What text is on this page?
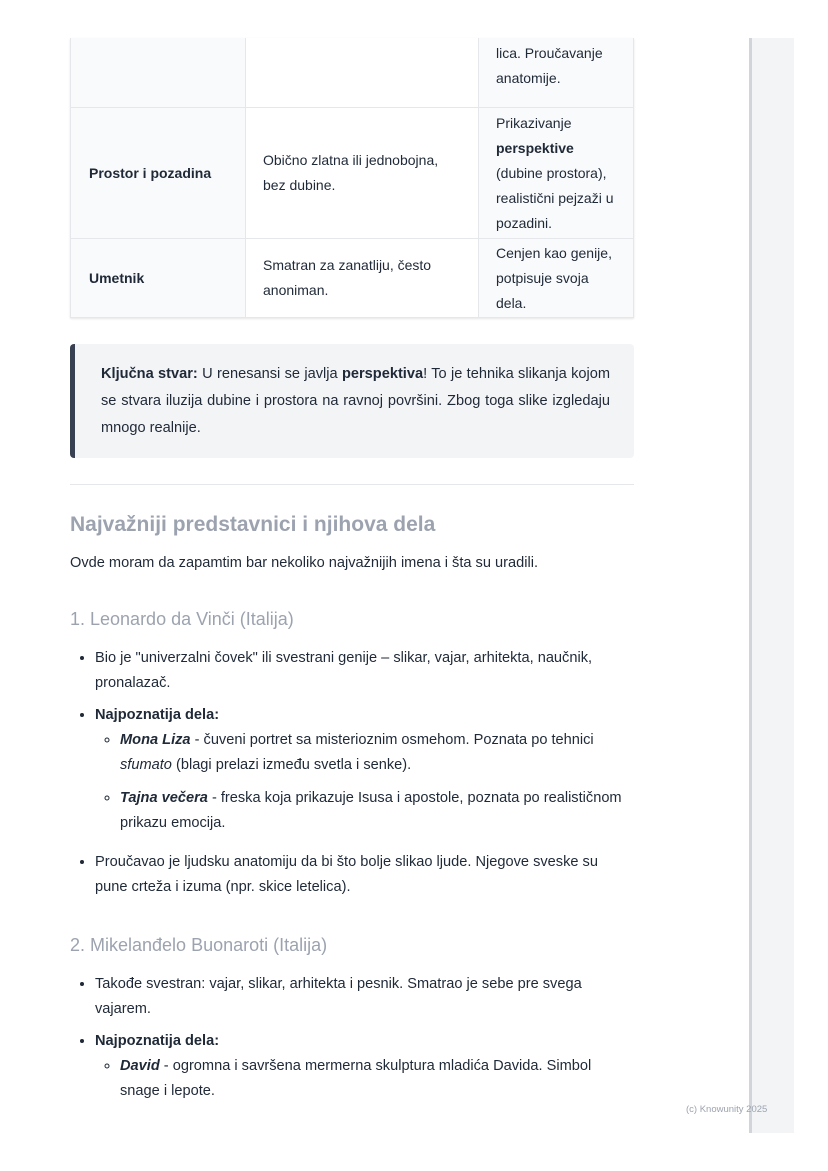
		lica. Proučavanje anatomije.
Prostor i pozadina	Obično zlatna ili jednobojna, bez dubine.	Prikazivanje perspektive (dubine prostora), realistični pejzaži u pozadini.
Umetnik	Smatran za zanatliju, često anoniman.	Cenjen kao genije, potpisuje svoja dela.
Ključna stvar: U renesansi se javlja perspektiva! To je tehnika slikanja kojom se stvara iluzija dubine i prostora na ravnoj površini. Zbog toga slike izgledaju mnogo realnije.
Najvažniji predstavnici i njihova dela

Ovde moram da zapamtim bar nekoliko najvažnijih imena i šta su uradili.

1. Leonardo da Vinči (Italija)
• Bio je "univerzalni čovek" ili svestrani genije – slikar, vajar, arhitekta, naučnik, pronalazač.
• Najpoznatija dela:
◦ Mona Liza - čuveni portret sa misterioznim osmehom. Poznata po tehnici sfumato (blagi prelazi između svetla i senke).
◦ Tajna večera - freska koja prikazuje Isusa i apostole, poznata po realističnom prikazu emocija.
• Proučavao je ljudsku anatomiju da bi što bolje slikao ljude. Njegove sveske su pune crteža i izuma (npr. skice letelica).
2. Mikelanđelo Buonaroti (Italija)
• Takođe svestran: vajar, slikar, arhitekta i pesnik. Smatrao je sebe pre svega vajarem.
• Najpoznatija dela:
◦ David - ogromna i savršena mermerna skulptura mladića Davida. Simbol snage i lepote.
(c) Knowunity 2025
